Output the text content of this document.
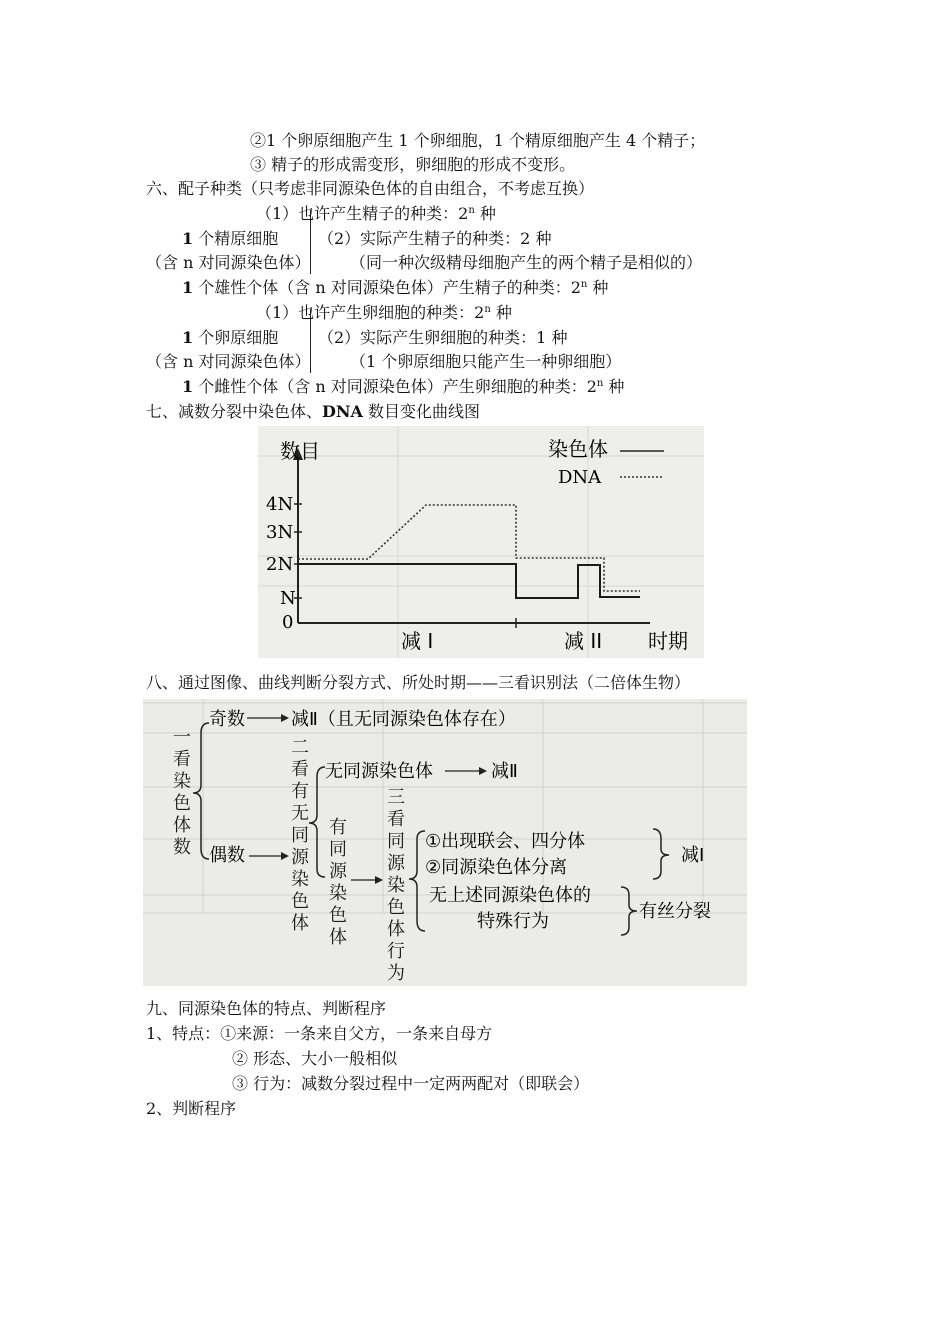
②1 个卵原细胞产生 1 个卵细胞，1 个精原细胞产生 4 个精子；
③ 精子的形成需变形，卵细胞的形成不变形。
六、配子种类（只考虑非同源染色体的自由组合，不考虑互换）
（1）也许产生精子的种类：2$^n$ 种
1 个精原细胞 （2）实际产生精子的种类：2 种
（含 n 对同源染色体） （同一种次级精母细胞产生的两个精子是相似的）
1 个雄性个体（含 n 对同源染色体）产生精子的种类：2$^n$ 种
（1）也许产生卵细胞的种类：2$^n$ 种
1 个卵原细胞 （2）实际产生卵细胞的种类：1 种
（含 n 对同源染色体） （1 个卵原细胞只能产生一种卵细胞）
1 个雌性个体（含 n 对同源染色体）产生卵细胞的种类：2$^n$ 种
七、减数分裂中染色体、DNA 数目变化曲线图
数目
4N
3N
2N
N
0
染色体
DNA
减 I	减 II 时期
八、通过图像、曲线判断分裂方式、所处时期——三看识别法（二倍体生物）
一
看
染
色
体
数
奇数	减Ⅱ（且无同源染色体存在）
偶数
二
看
有
无
同
源
染
色
体
无同源染色体	减Ⅱ
有
同
源
染
色
体
三
看
同
源
染
色
体
行
为
①出现联会、四分体
②同源染色体分离
无上述同源染色体的
特殊行为
减Ⅰ
有丝分裂
九、同源染色体的特点、判断程序
1、特点：①来源：一条来自父方，一条来自母方
② 形态、大小一般相似
③ 行为：减数分裂过程中一定两两配对（即联会）
2、判断程序
